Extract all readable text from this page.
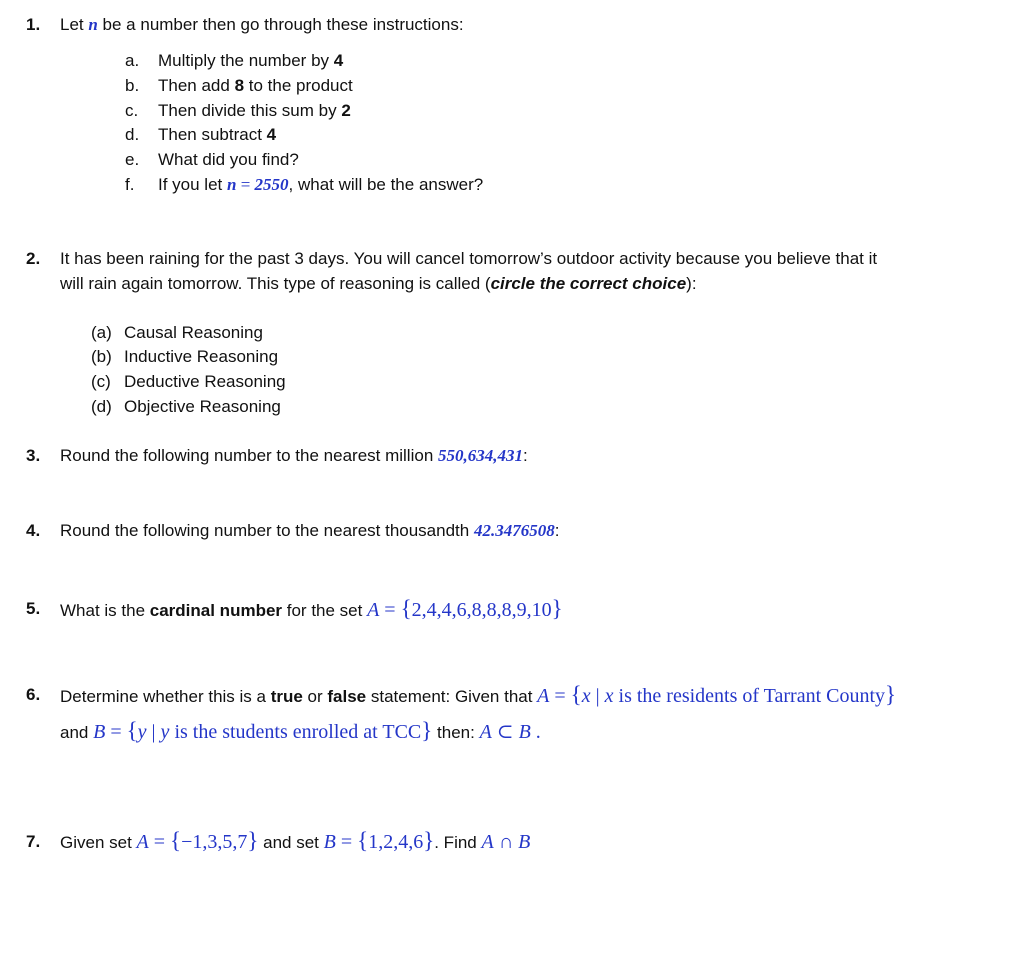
1. Let n be a number then go through these instructions:
a. Multiply the number by 4
b. Then add 8 to the product
c. Then divide this sum by 2
d. Then subtract 4
e. What did you find?
f. If you let n = 2550, what will be the answer?
2. It has been raining for the past 3 days. You will cancel tomorrow’s outdoor activity because you believe that it
will rain again tomorrow. This type of reasoning is called (circle the correct choice):
(a) Causal Reasoning
(b) Inductive Reasoning
(c) Deductive Reasoning
(d) Objective Reasoning
3. Round the following number to the nearest million 550,634,431:
4. Round the following number to the nearest thousandth 42.3476508:
5. What is the cardinal number for the set A = {2,4,4,6,8,8,8,9,10}
6. Determine whether this is a true or false statement: Given that A = {x | x is the residents of Tarrant County}
and B = {y | y is the students enrolled at TCC} then: A ⊂ B .
7. Given set A = {−1,3,5,7} and set B = {1,2,4,6}. Find A ∩ B
